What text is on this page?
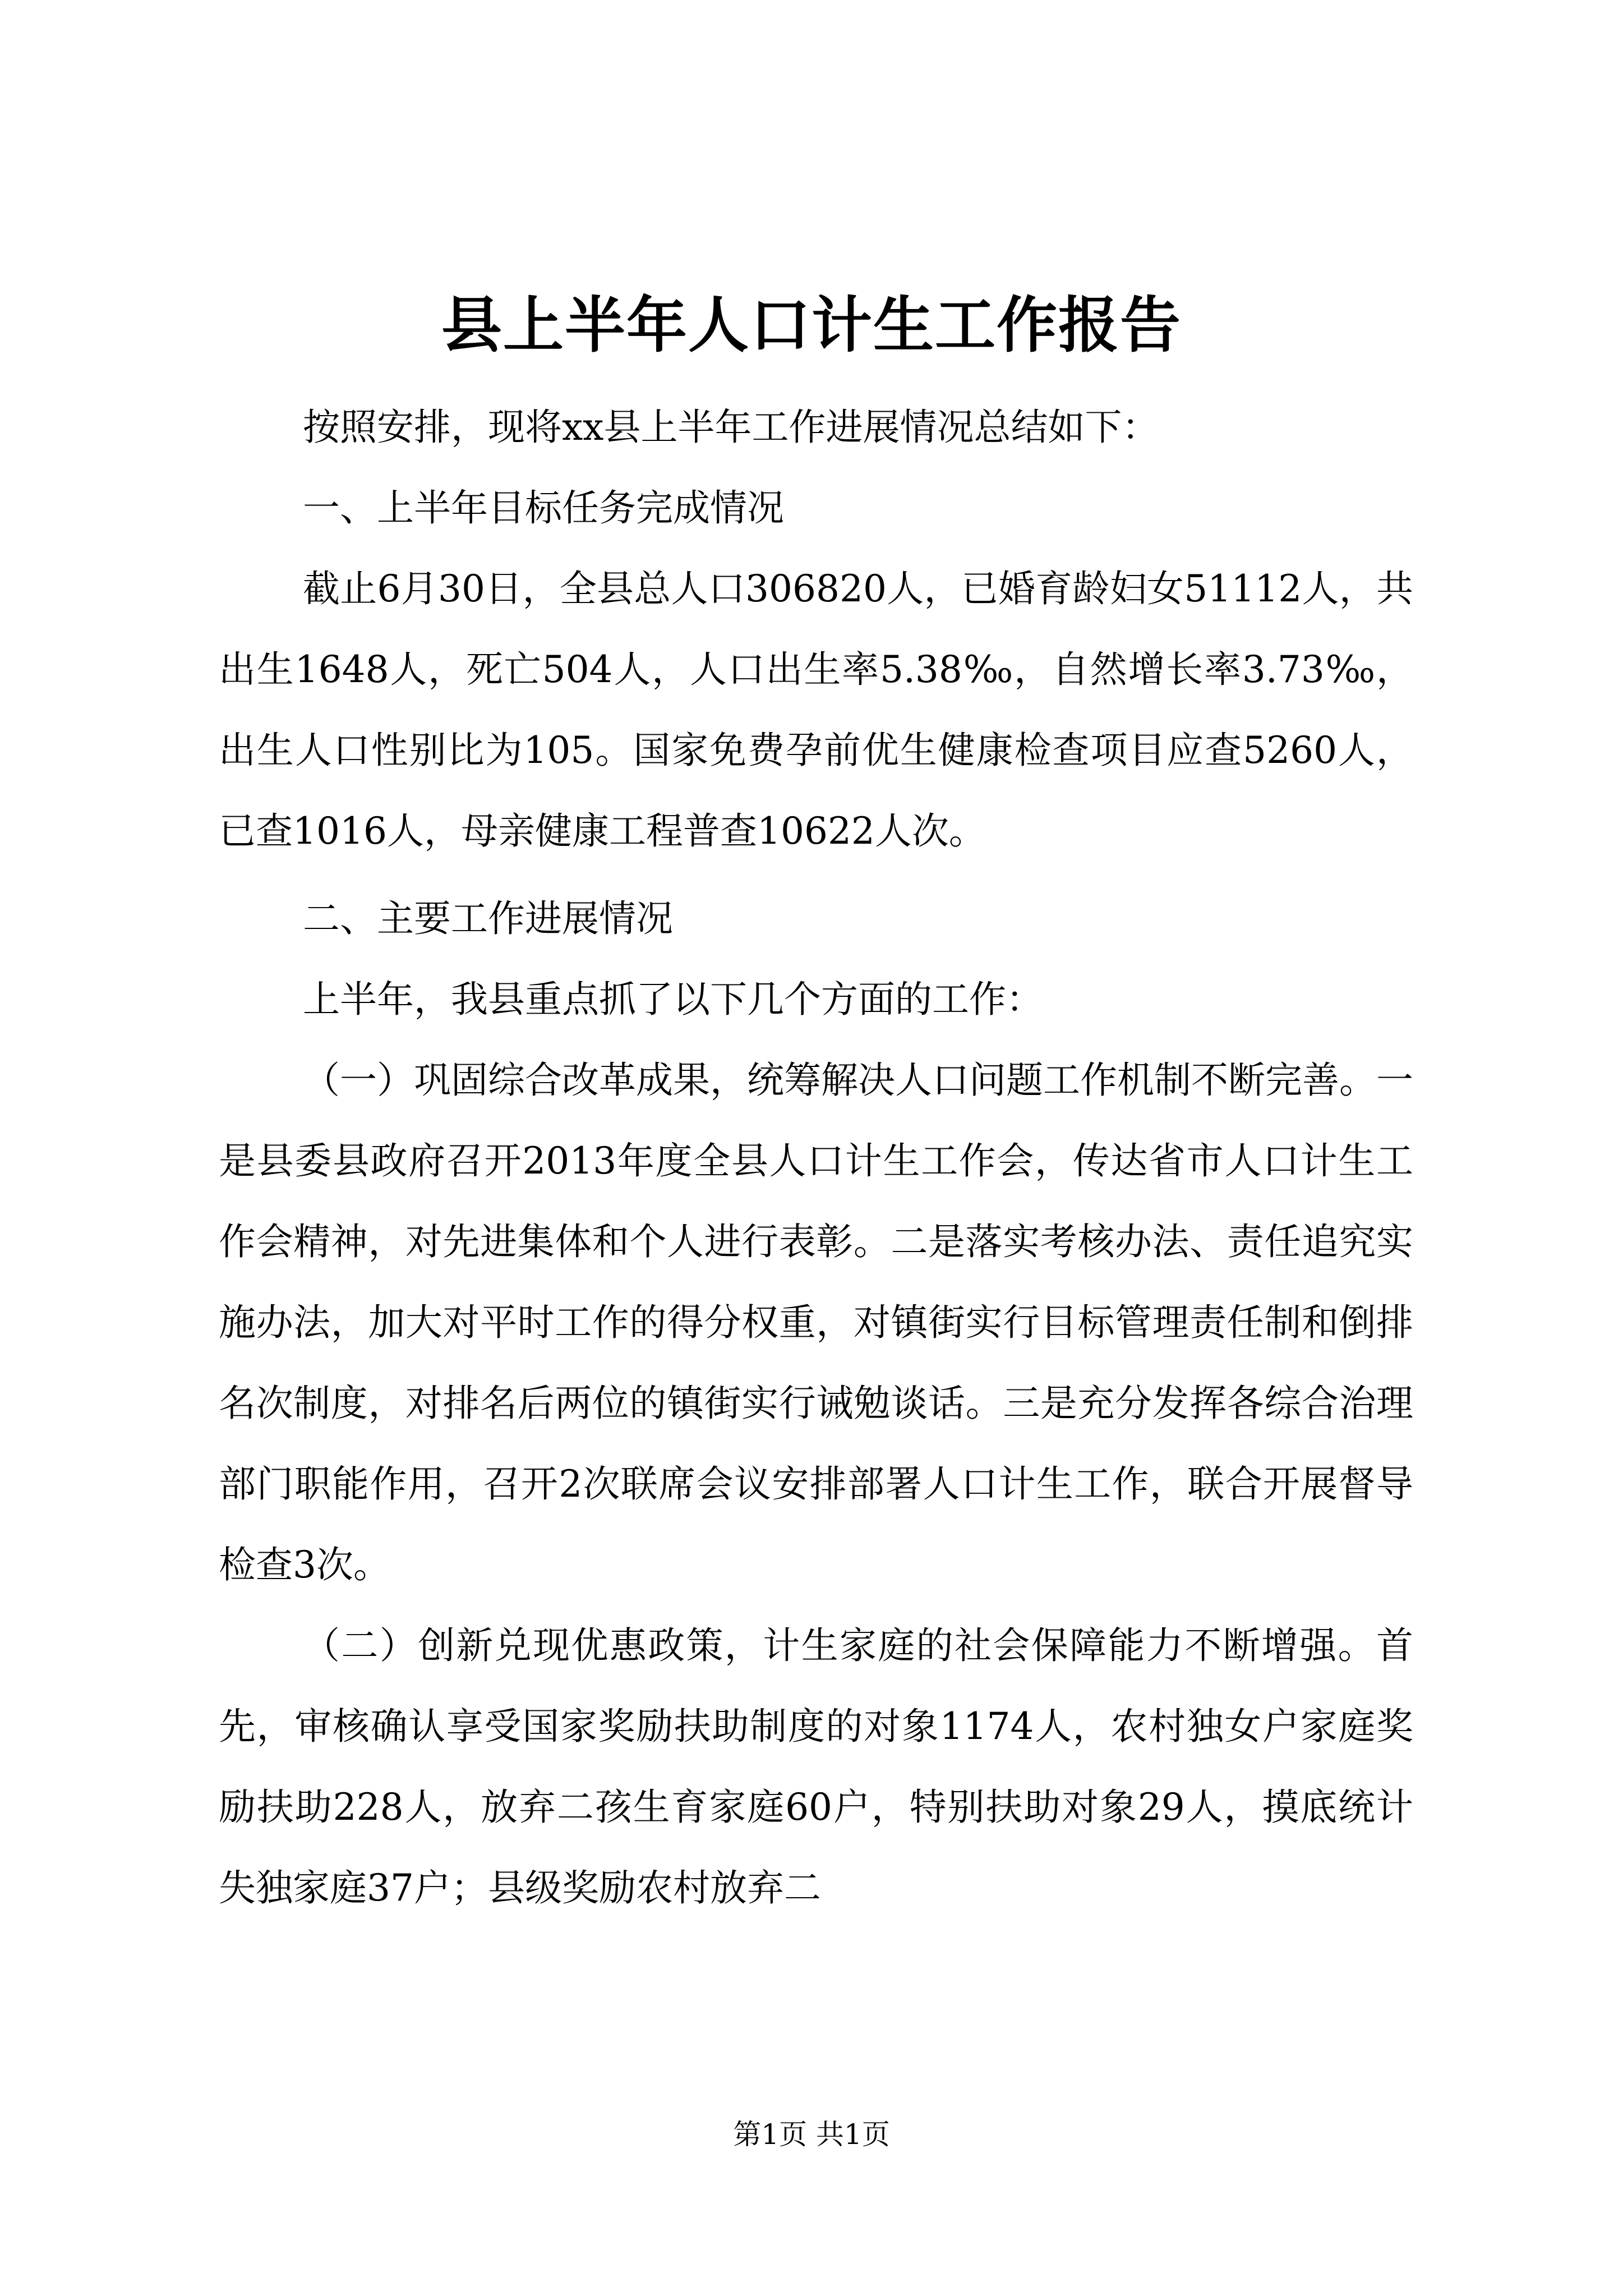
县上半年人口计生工作报告

按照安排，现将xx县上半年工作进展情况总结如下：

一、上半年目标任务完成情况

截止6月30日，全县总人口306820人，已婚育龄妇女51112人，共出生1648人，死亡504人，人口出生率5.38‰，自然增长率3.73‰，出生人口性别比为105。国家免费孕前优生健康检查项目应查5260人，已查1016人，母亲健康工程普查10622人次。

二、主要工作进展情况

上半年，我县重点抓了以下几个方面的工作：

（一）巩固综合改革成果，统筹解决人口问题工作机制不断完善。一是县委县政府召开2013年度全县人口计生工作会，传达省市人口计生工作会精神，对先进集体和个人进行表彰。二是落实考核办法、责任追究实施办法，加大对平时工作的得分权重，对镇街实行目标管理责任制和倒排名次制度，对排名后两位的镇街实行诫勉谈话。三是充分发挥各综合治理部门职能作用，召开2次联席会议安排部署人口计生工作，联合开展督导检查3次。

（二）创新兑现优惠政策，计生家庭的社会保障能力不断增强。首先，审核确认享受国家奖励扶助制度的对象1174人，农村独女户家庭奖励扶助228人，放弃二孩生育家庭60户，特别扶助对象29人，摸底统计失独家庭37户；县级奖励农村放弃二

第1页 共1页
